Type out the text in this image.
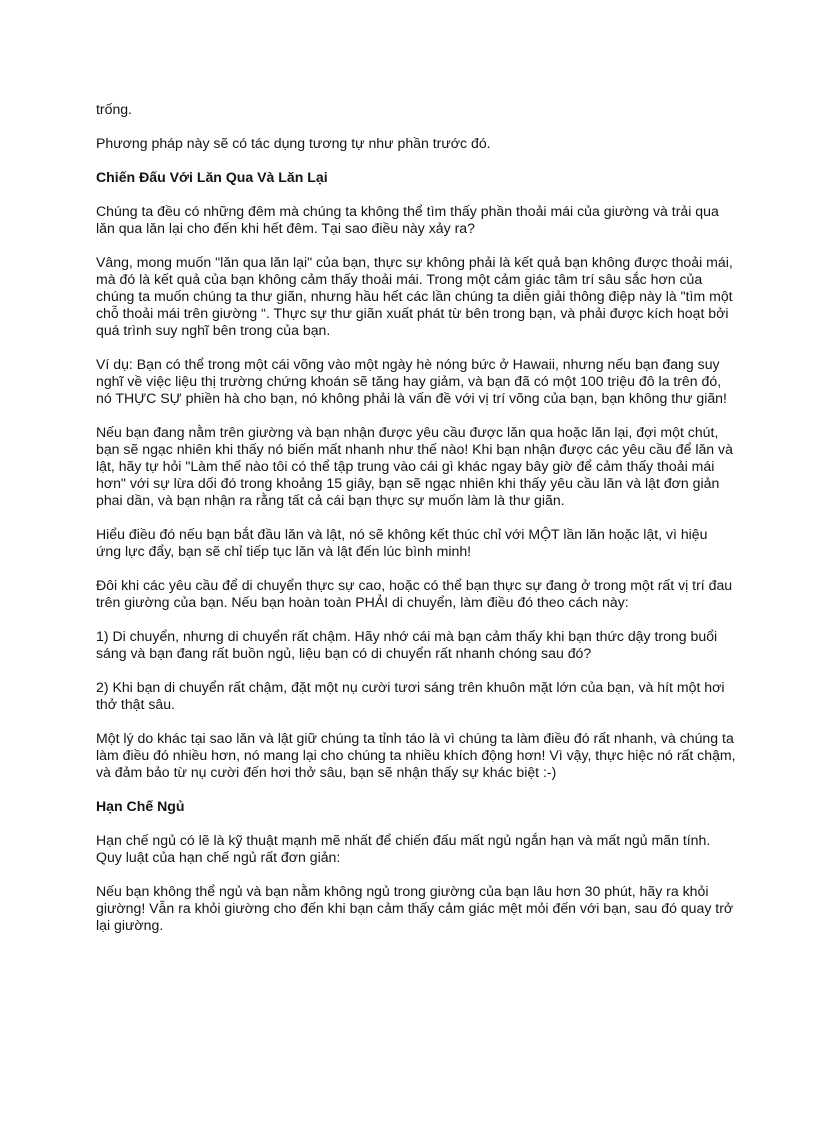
trống.

Phương pháp này sẽ có tác dụng tương tự như phần trước đó.

Chiến Đấu Với Lăn Qua Và Lăn Lại

Chúng ta đều có những đêm mà chúng ta không thể tìm thấy phần thoải mái của giường và trải qua lăn qua lăn lại cho đến khi hết đêm. Tại sao điều này xảy ra?

Vâng, mong muốn "lăn qua lăn lại" của bạn, thực sự không phải là kết quả bạn không được thoải mái, mà đó là kết quả của bạn không cảm thấy thoải mái. Trong một cảm giác tâm trí sâu sắc hơn của chúng ta muốn chúng ta thư giãn, nhưng hầu hết các lần chúng ta diễn giải thông điệp này là "tìm một chỗ thoải mái trên giường “. Thực sự thư giãn xuất phát từ bên trong bạn, và phải được kích hoạt bởi quá trình suy nghĩ bên trong của bạn.

Ví dụ: Bạn có thể trong một cái võng vào một ngày hè nóng bức ở Hawaii, nhưng nếu bạn đang suy nghĩ về việc liệu thị trường chứng khoán sẽ tăng hay giảm, và bạn đã có một 100 triệu đô la trên đó, nó THỰC SỰ phiền hà cho bạn, nó không phải là vấn đề với vị trí võng của bạn, bạn không thư giãn!

Nếu bạn đang nằm trên giường và bạn nhận được yêu cầu được lăn qua hoặc lăn lại, đợi một chút, bạn sẽ ngạc nhiên khi thấy nó biến mất nhanh như thế nào! Khi bạn nhận được các yêu cầu để lăn và lật, hãy tự hỏi "Làm thế nào tôi có thể tập trung vào cái gì khác ngay bây giờ để cảm thấy thoải mái hơn" với sự lừa dối đó trong khoảng 15 giây, bạn sẽ ngạc nhiên khi thấy yêu cầu lăn và lật đơn giản phai dần, và bạn nhận ra rằng tất cả cái bạn thực sự muốn làm là thư giãn.

Hiểu điều đó nếu bạn bắt đầu lăn và lật, nó sẽ không kết thúc chỉ với MỘT lần lăn hoặc lật, vì hiệu ứng lực đẩy, bạn sẽ chỉ tiếp tục lăn và lật đến lúc bình minh!

Đôi khi các yêu cầu để di chuyển thực sự cao, hoặc có thể bạn thực sự đang ở trong một rất vị trí đau trên giường của bạn. Nếu bạn hoàn toàn PHẢI di chuyển, làm điều đó theo cách này:

1) Di chuyển, nhưng di chuyển rất chậm. Hãy nhớ cái mà bạn cảm thấy khi bạn thức dậy trong buổi sáng và bạn đang rất buồn ngủ, liệu bạn có di chuyển rất nhanh chóng sau đó?

2) Khi bạn di chuyển rất chậm, đặt một nụ cười tươi sáng trên khuôn mặt lớn của bạn, và hít một hơi thở thật sâu.

Một lý do khác tại sao lăn và lật giữ chúng ta tỉnh táo là vì chúng ta làm điều đó rất nhanh, và chúng ta làm điều đó nhiều hơn, nó mang lại cho chúng ta nhiều khích động hơn! Vì vậy, thực hiệc nó rất chậm, và đảm bảo từ nụ cười đến hơi thở sâu, bạn sẽ nhận thấy sự khác biệt :-)

Hạn Chế Ngủ

Hạn chế ngủ có lẽ là kỹ thuật mạnh mẽ nhất để chiến đấu mất ngủ ngắn hạn và mất ngủ mãn tính. Quy luật của hạn chế ngủ rất đơn giản:

Nếu bạn không thể ngủ và bạn nằm không ngủ trong giường của bạn lâu hơn 30 phút, hãy ra khỏi giường! Vẫn ra khỏi giường cho đến khi bạn cảm thấy cảm giác mệt mỏi đến với bạn, sau đó quay trở lại giường.
